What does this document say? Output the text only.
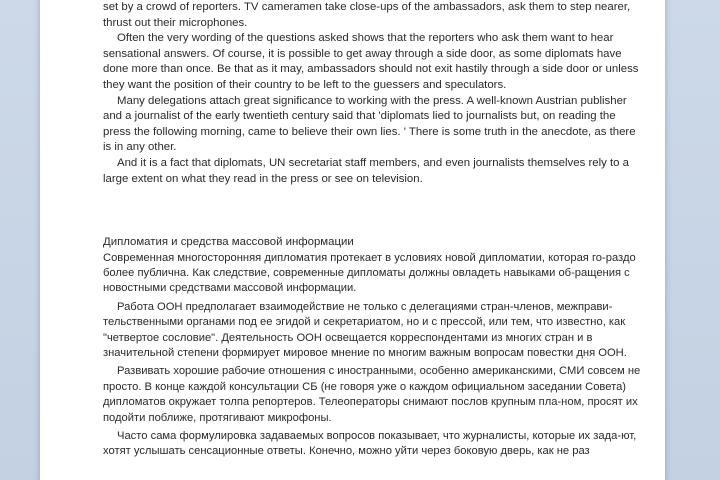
set by a crowd of reporters. TV cameramen take close-ups of the ambassadors, ask them to step nearer, thrust out their microphones.

Often the very wording of the questions asked shows that the reporters who ask them want to hear sensational answers. Of course, it is possible to get away through a side door, as some diplomats have done more than once. Be that as it may, ambassadors should not exit hastily through a side door or unless they want the position of their country to be left to the guessers and speculators.

Many delegations attach great significance to working with the press. A well-known Austrian publisher and a journalist of the early twentieth century said that 'diplomats lied to journalists but, on reading the press the following morning, came to believe their own lies. ' There is some truth in the anecdote, as there is in any other.

And it is a fact that diplomats, UN secretariat staff members, and even journalists themselves rely to a large extent on what they read in the press or see on television.

Дипломатия и средства массовой информации

Современная многосторонняя дипломатия протекает в условиях новой дипломатии, которая го-раздо более публична. Как следствие, современные дипломаты должны овладеть навыками об-ращения с новостными средствами массовой информации.

Работа ООН предполагает взаимодействие не только с делегациями стран-членов, межправи-тельственными органами под ее эгидой и секретариатом, но и с прессой, или тем, что известно, как "четвертое сословие". Деятельность ООН освещается корреспондентами из многих стран и в значительной степени формирует мировое мнение по многим важным вопросам повестки дня ООН.

Развивать хорошие рабочие отношения с иностранными, особенно американскими, СМИ совсем не просто. В конце каждой консультации СБ (не говоря уже о каждом официальном заседании Совета) дипломатов окружает толпа репортеров. Телеоператоры снимают послов крупным пла-ном, просят их подойти поближе, протягивают микрофоны.

Часто сама формулировка задаваемых вопросов показывает, что журналисты, которые их зада-ют, хотят услышать сенсационные ответы. Конечно, можно уйти через боковую дверь, как не раз
